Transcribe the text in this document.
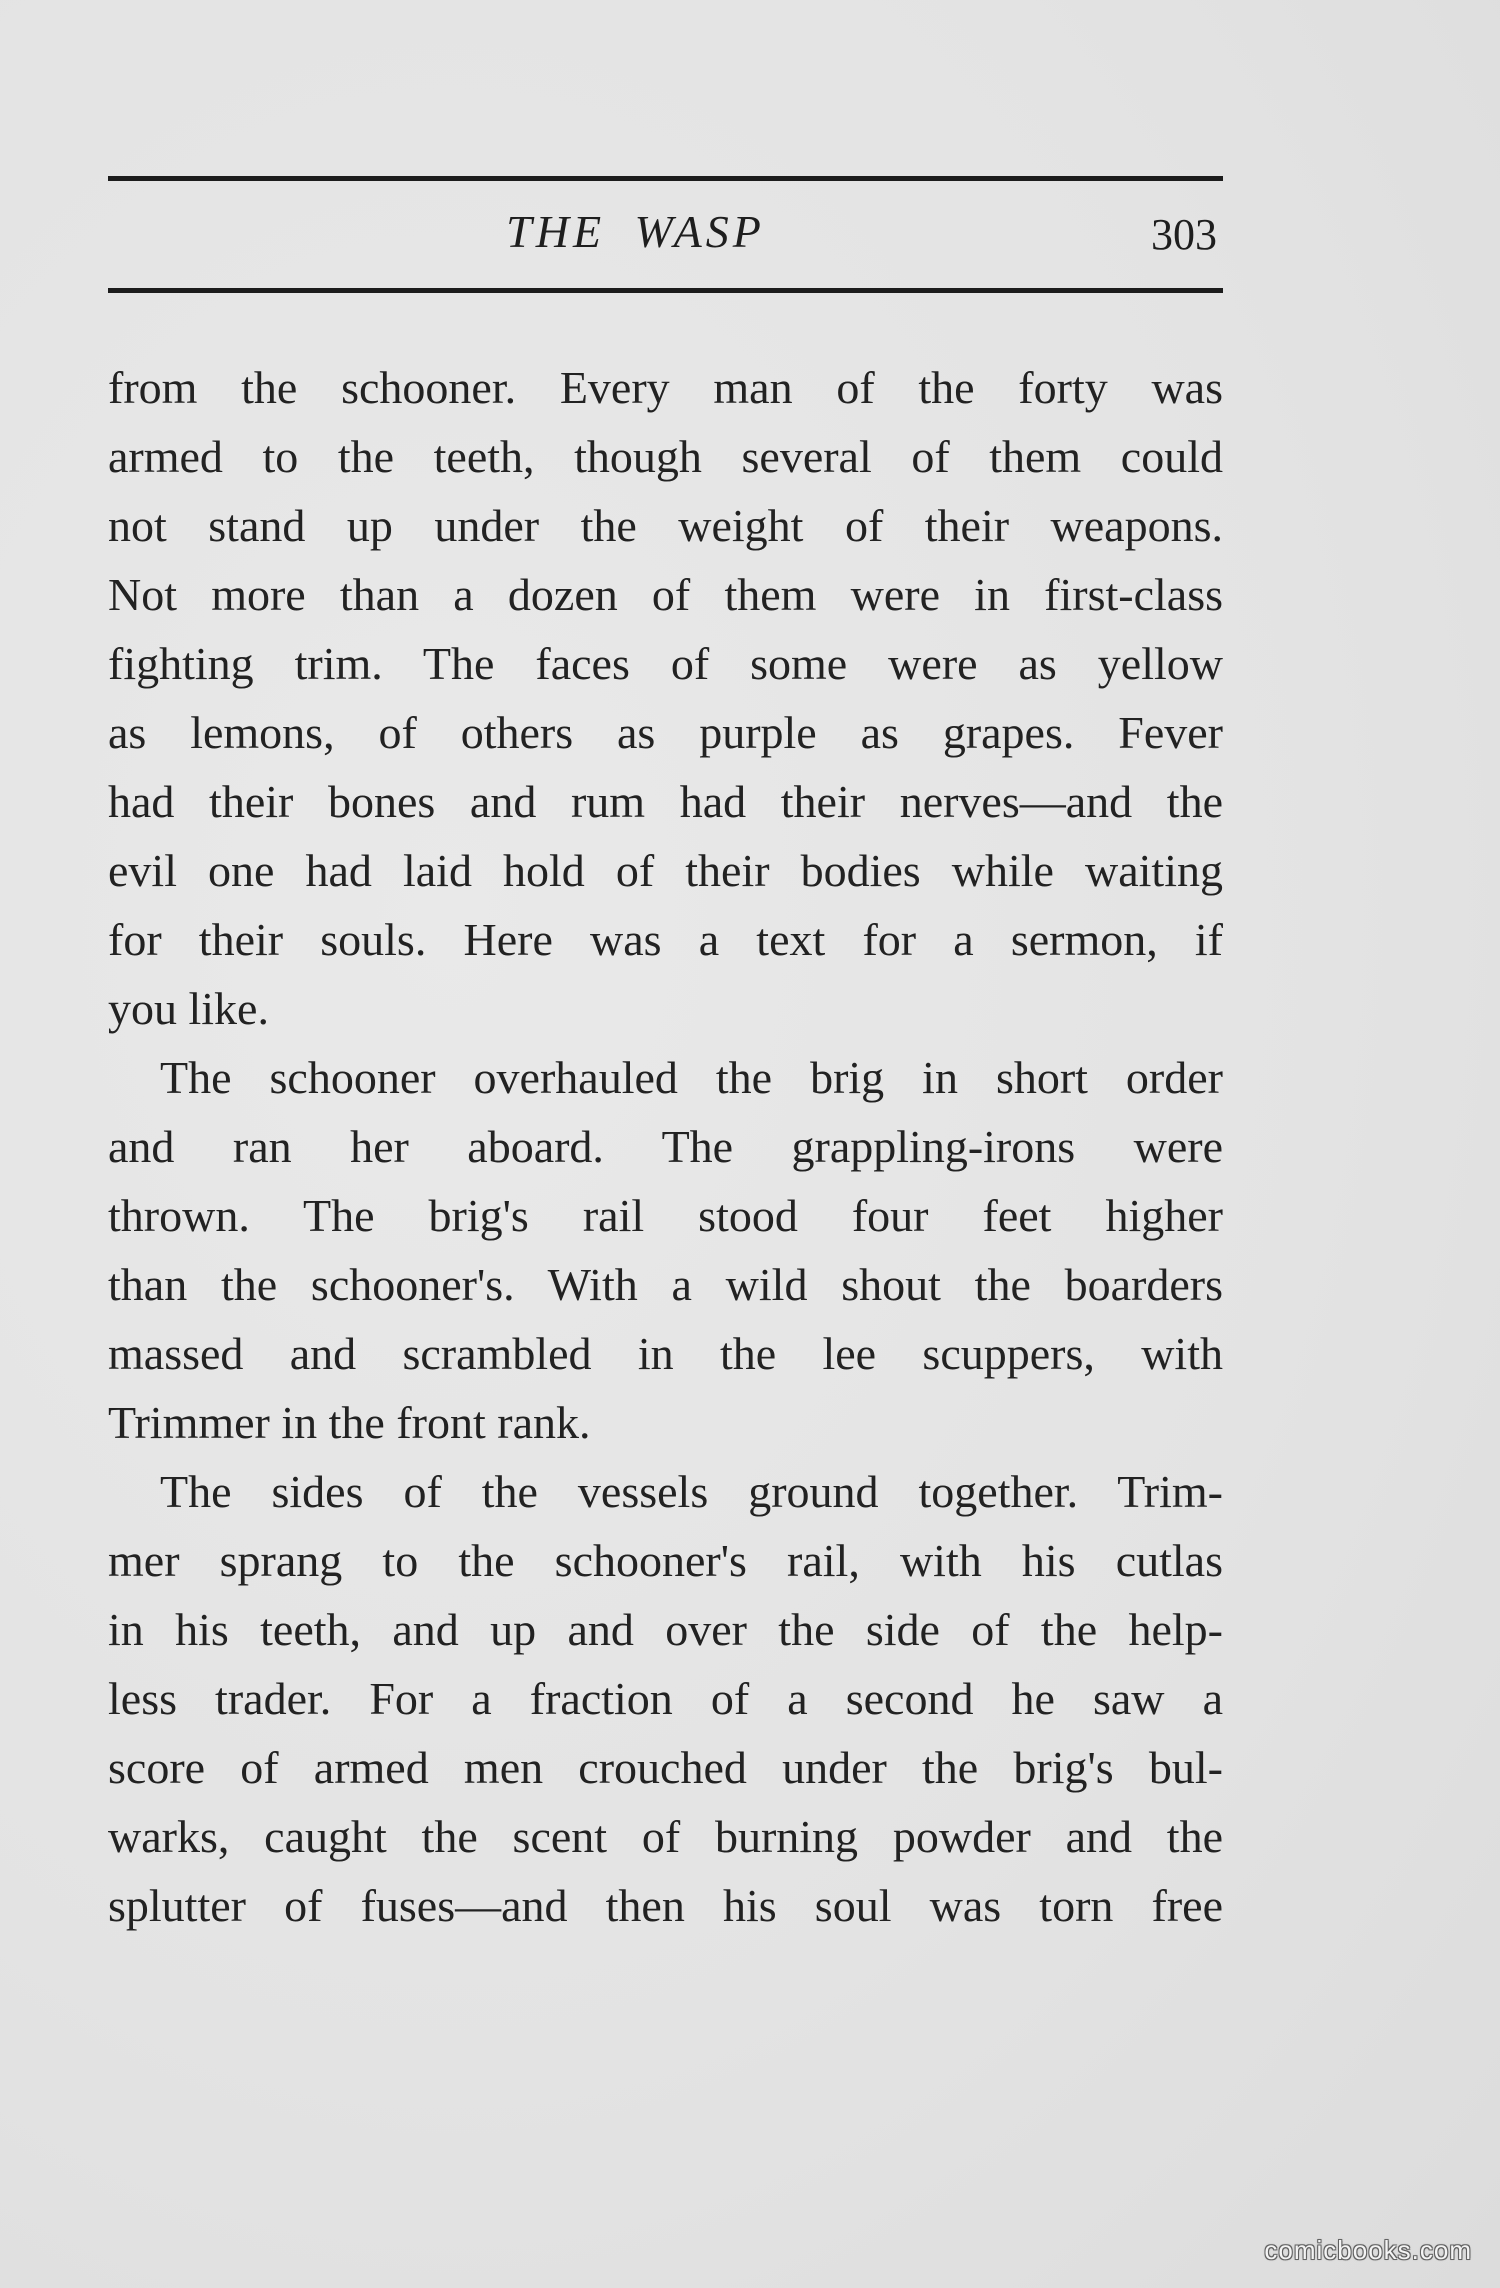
THE WASP	303
from the schooner. Every man of the forty was
armed to the teeth, though several of them could
not stand up under the weight of their weapons.
Not more than a dozen of them were in first-class
fighting trim. The faces of some were as yellow
as lemons, of others as purple as grapes. Fever
had their bones and rum had their nerves—and the
evil one had laid hold of their bodies while waiting
for their souls. Here was a text for a sermon, if
you like.
The schooner overhauled the brig in short order
and ran her aboard. The grappling-irons were
thrown. The brig's rail stood four feet higher
than the schooner's. With a wild shout the boarders
massed and scrambled in the lee scuppers, with
Trimmer in the front rank.
The sides of the vessels ground together. Trim-
mer sprang to the schooner's rail, with his cutlas
in his teeth, and up and over the side of the help-
less trader. For a fraction of a second he saw a
score of armed men crouched under the brig's bul-
warks, caught the scent of burning powder and the
splutter of fuses—and then his soul was torn free
comicbooks.com
